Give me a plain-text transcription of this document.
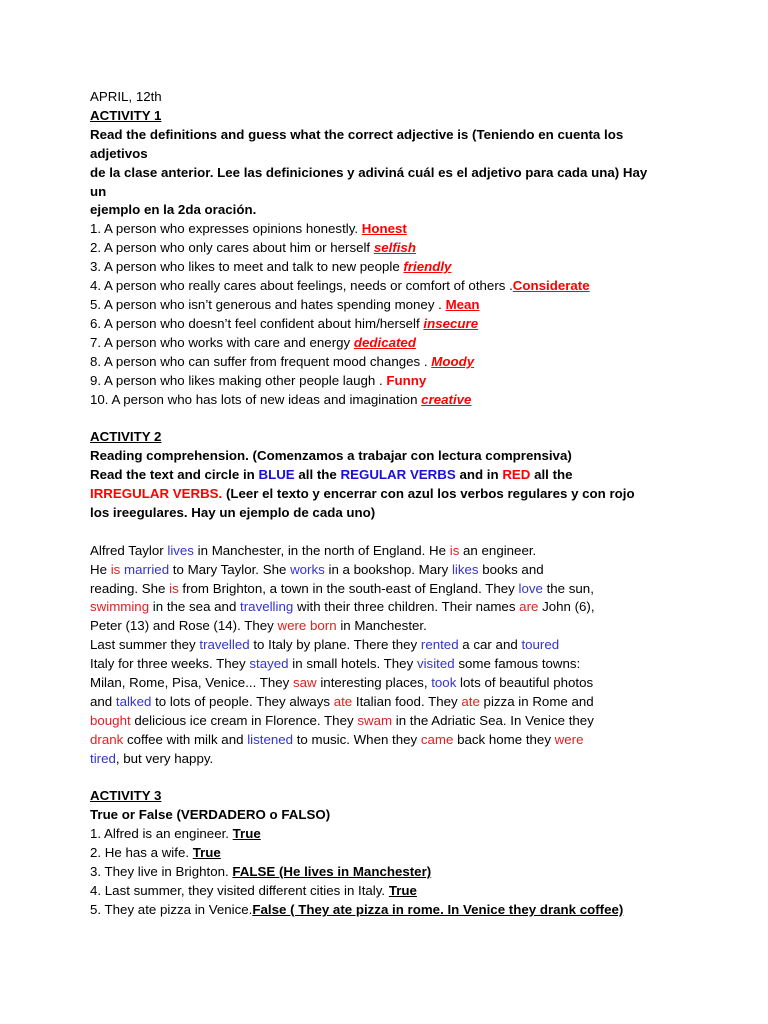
APRIL, 12th
ACTIVITY 1
Read the definitions and guess what the correct adjective is (Teniendo en cuenta los
adjetivos
de la clase anterior. Lee las definiciones y adiviná cuál es el adjetivo para cada una) Hay
un
ejemplo en la 2da oración.
1. A person who expresses opinions honestly. Honest
2. A person who only cares about him or herself selfish
3. A person who likes to meet and talk to new people friendly
4. A person who really cares about feelings, needs or comfort of others .Considerate
5. A person who isn’t generous and hates spending money . Mean
6. A person who doesn’t feel confident about him/herself insecure
7. A person who works with care and energy dedicated
8. A person who can suffer from frequent mood changes . Moody
9. A person who likes making other people laugh . Funny
10. A person who has lots of new ideas and imagination creative
ACTIVITY 2
Reading comprehension. (Comenzamos a trabajar con lectura comprensiva)
Read the text and circle in BLUE all the REGULAR VERBS and in RED all the
IRREGULAR VERBS. (Leer el texto y encerrar con azul los verbos regulares y con rojo
los ireegulares. Hay un ejemplo de cada uno)
Alfred Taylor lives in Manchester, in the north of England. He is an engineer.
He is married to Mary Taylor. She works in a bookshop. Mary likes books and
reading. She is from Brighton, a town in the south-east of England. They love the sun,
swimming in the sea and travelling with their three children. Their names are John (6),
Peter (13) and Rose (14). They were born in Manchester.
Last summer they travelled to Italy by plane. There they rented a car and toured
Italy for three weeks. They stayed in small hotels. They visited some famous towns:
Milan, Rome, Pisa, Venice... They saw interesting places, took lots of beautiful photos
and talked to lots of people. They always ate Italian food. They ate pizza in Rome and
bought delicious ice cream in Florence. They swam in the Adriatic Sea. In Venice they
drank coffee with milk and listened to music. When they came back home they were
tired, but very happy.
ACTIVITY 3
True or False (VERDADERO o FALSO)
1. Alfred is an engineer. True
2. He has a wife. True
3. They live in Brighton. FALSE (He lives in Manchester)
4. Last summer, they visited different cities in Italy. True
5. They ate pizza in Venice.False ( They ate pizza in rome. In Venice they drank coffee)
